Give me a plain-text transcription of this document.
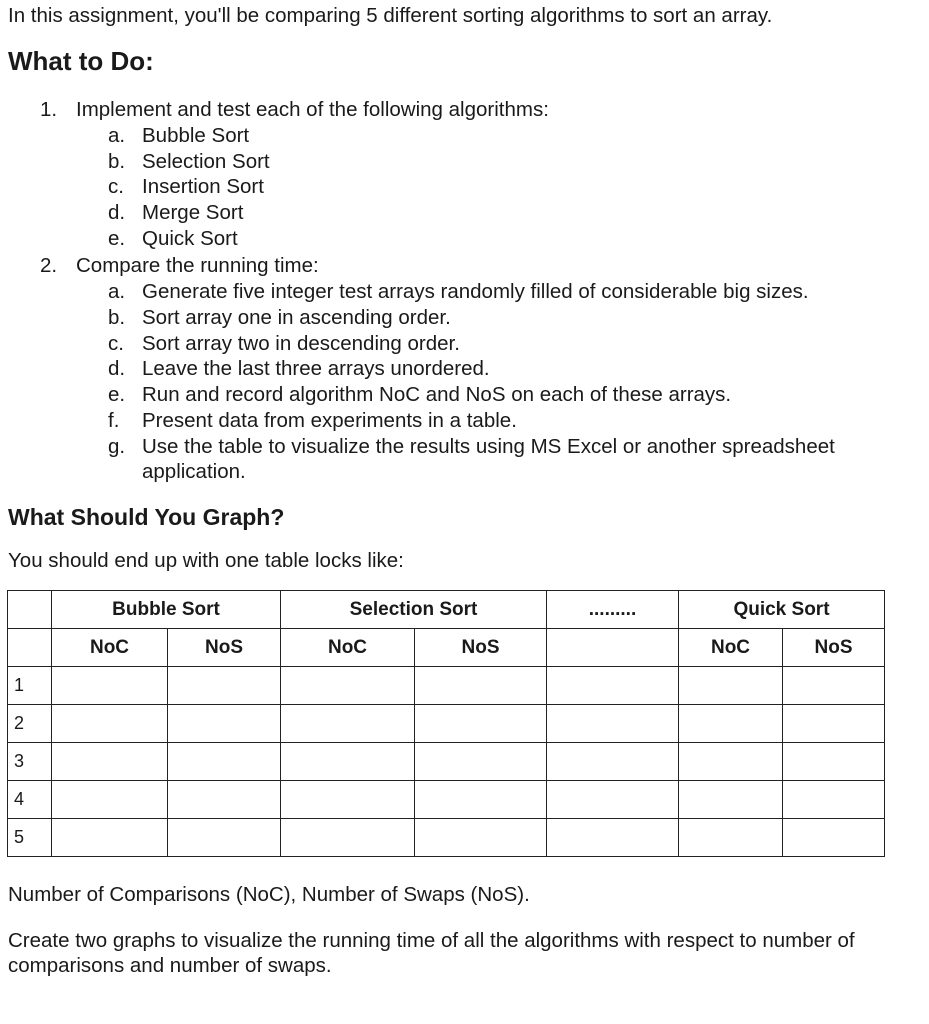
In this assignment, you'll be comparing 5 different sorting algorithms to sort an array.

What to Do:
1. Implement and test each of the following algorithms:
a. Bubble Sort
b. Selection Sort
c. Insertion Sort
d. Merge Sort
e. Quick Sort
2. Compare the running time:
a. Generate five integer test arrays randomly filled of considerable big sizes.
b. Sort array one in ascending order.
c. Sort array two in descending order.
d. Leave the last three arrays unordered.
e. Run and record algorithm NoC and NoS on each of these arrays.
f. Present data from experiments in a table.
g. Use the table to visualize the results using MS Excel or another spreadsheet application.
What Should You Graph?

You should end up with one table locks like:

	Bubble Sort		Selection Sort		.........	Quick Sort	
	NoC	NoS	NoC	NoS		NoC	NoS
1							
2							
3							
4							
5							

Number of Comparisons (NoC), Number of Swaps (NoS).

Create two graphs to visualize the running time of all the algorithms with respect to number of comparisons and number of swaps.
